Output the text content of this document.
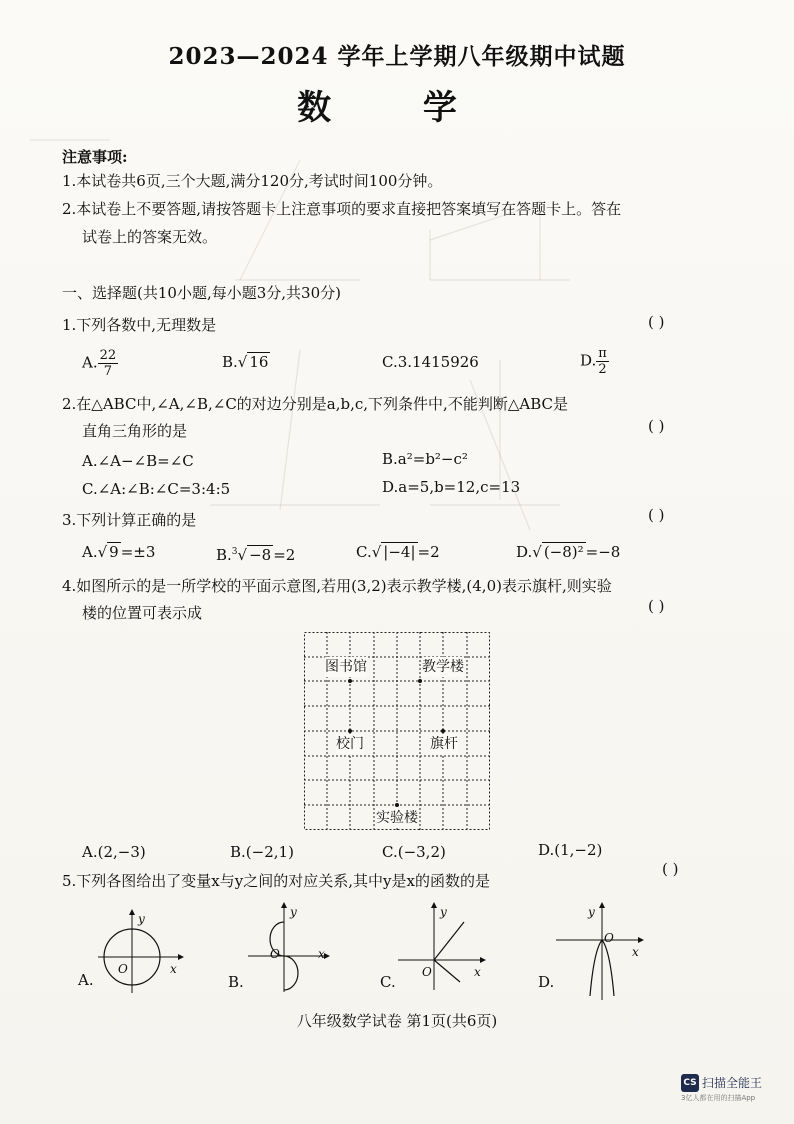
2023—2024 学年上学期八年级期中试题
数 学
注意事项:
1.本试卷共6页,三个大题,满分120分,考试时间100分钟。
2.本试卷上不要答题,请按答题卡上注意事项的要求直接把答案填写在答题卡上。答在
试卷上的答案无效。
一、选择题(共10小题,每小题3分,共30分)
1.下列各数中,无理数是	( )
A. $\frac{22}{7}$	B.√ 16	C.3.1415926	D. $\frac{\pi}{2}$
2.在△ABC中,∠A,∠B,∠C的对边分别是a,b,c,下列条件中,不能判断△ABC是
直角三角形的是	( )
A.∠A−∠B=∠C	B.a²=b²−c²
C.∠A:∠B:∠C=3:4:5	D.a=5,b=12,c=13
3.下列计算正确的是	( )
A.√ 9 =±3	B.$^3$√ −8 =2	C.√ |−4| =2	D.√ (−8)² =−8
4.如图所示的是一所学校的平面示意图,若用(3,2)表示教学楼,(4,0)表示旗杆,则实验
楼的位置可表示成	( )
图书馆	教学楼
校门	旗杆
实验楼
A.(2,−3)	B.(−2,1)	C.(−3,2)	D.(1,−2)
5.下列各图给出了变量x与y之间的对应关系,其中y是x的函数的是
( )
y
x
O
A.
y
x
O
B.
y
x
O
C.
y
x
O
D.
八年级数学试卷 第1页(共6页)
CS 扫描全能王
3亿人都在用的扫描App
